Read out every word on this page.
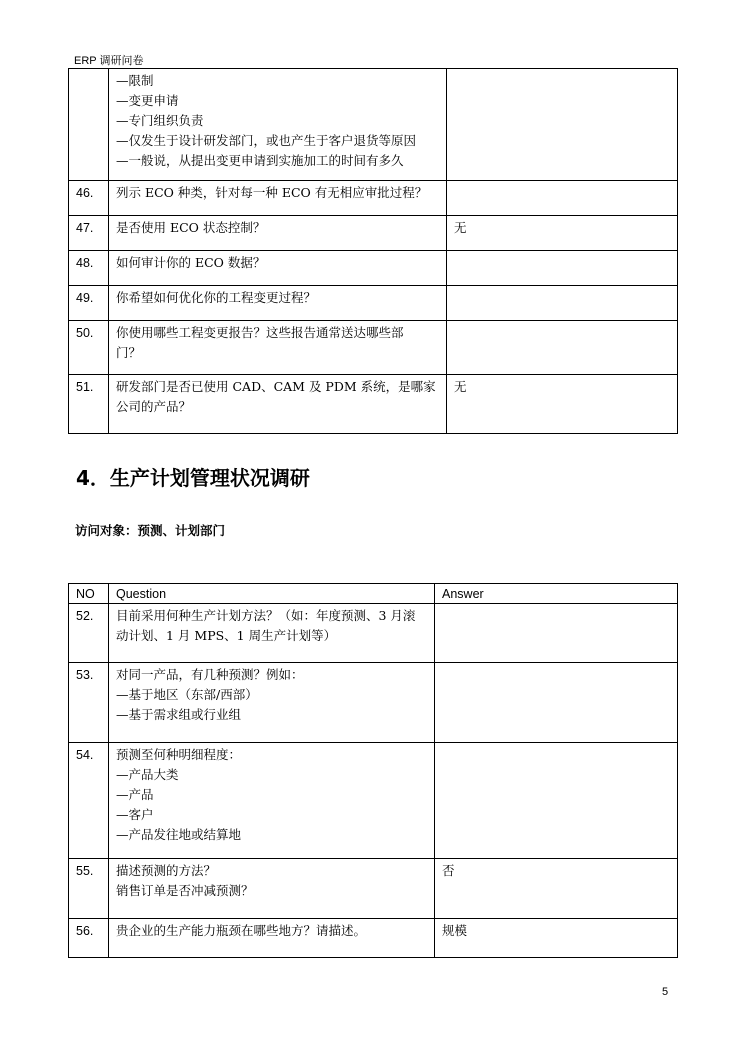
ERP 调研问卷

	—限制
—变更申请
—专门组织负责
—仅发生于设计研发部门，或也产生于客户退货等原因
—一般说，从提出变更申请到实施加工的时间有多久	

46.	列示 ECO 种类，针对每一种 ECO 有无相应审批过程？	

47.	是否使用 ECO 状态控制？	无
48.	如何审计你的 ECO 数据？	

49.	你希望如何优化你的工程变更过程？	

50.	你使用哪些工程变更报告？这些报告通常送达哪些部
门？	

51.	研发部门是否已使用 CAD、CAM 及 PDM 系统，是哪家
公司的产品？	无
4．生产计划管理状况调研
访问对象：预测、计划部门
NO	Question	Answer
52.	目前采用何种生产计划方法？（如：年度预测、3 月滚
动计划、1 月 MPS、1 周生产计划等）	

53.	对同一产品，有几种预测？例如：
—基于地区（东部/西部）
—基于需求组或行业组	

54.	预测至何种明细程度：
—产品大类
—产品
—客户
—产品发往地或结算地	

55.	描述预测的方法？
销售订单是否冲减预测？	否
56.	贵企业的生产能力瓶颈在哪些地方？请描述。	规模
5
